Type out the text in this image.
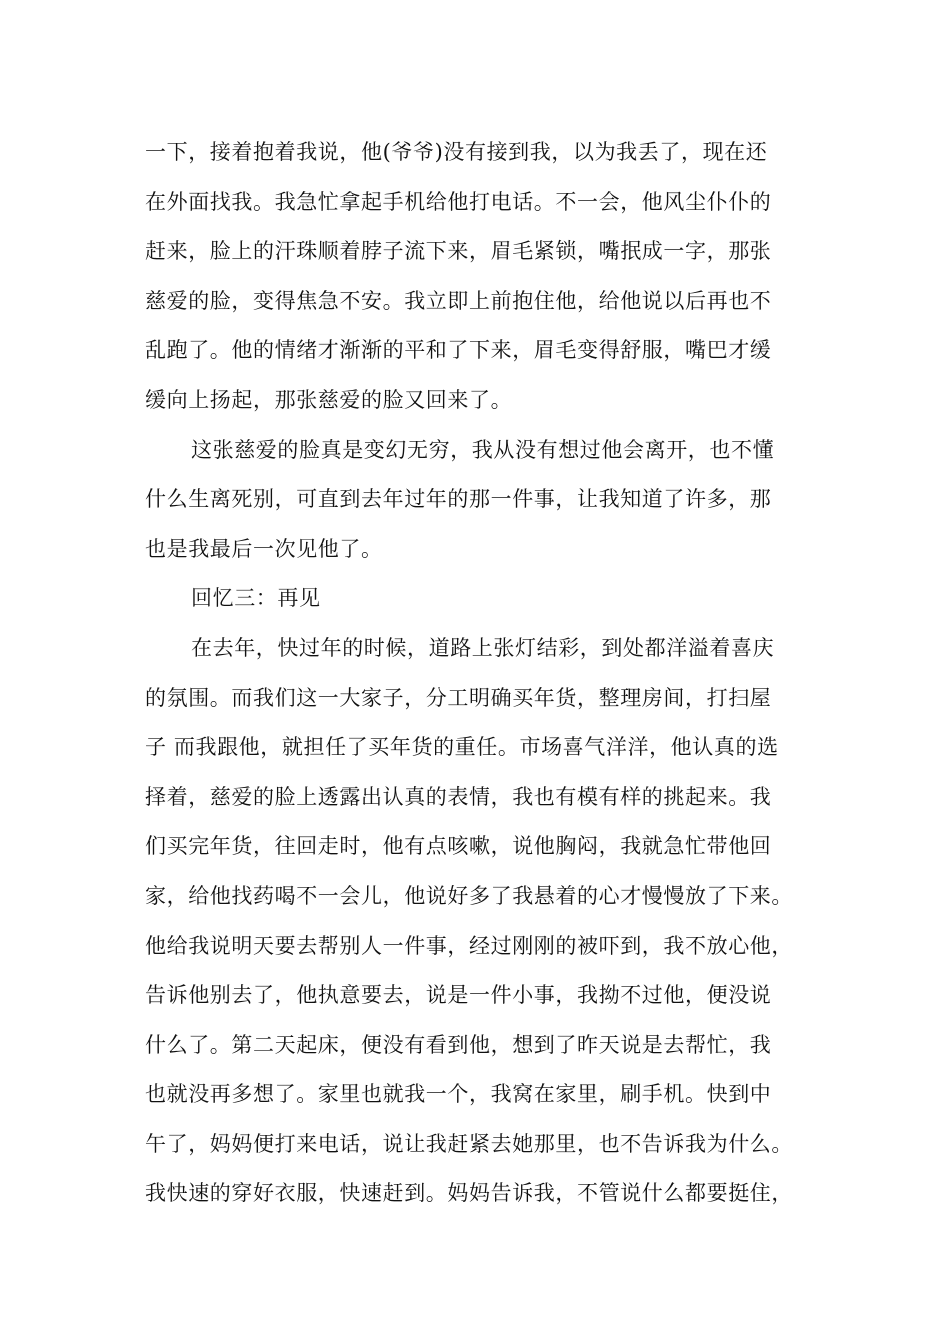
一下，接着抱着我说，他(爷爷)没有接到我，以为我丢了，现在还
在外面找我。我急忙拿起手机给他打电话。不一会，他风尘仆仆的
赶来，脸上的汗珠顺着脖子流下来，眉毛紧锁，嘴抿成一字，那张
慈爱的脸，变得焦急不安。我立即上前抱住他，给他说以后再也不
乱跑了。他的情绪才渐渐的平和了下来，眉毛变得舒服，嘴巴才缓
缓向上扬起，那张慈爱的脸又回来了。
这张慈爱的脸真是变幻无穷，我从没有想过他会离开，也不懂
什么生离死别，可直到去年过年的那一件事，让我知道了许多，那
也是我最后一次见他了。
回忆三：再见
在去年，快过年的时候，道路上张灯结彩，到处都洋溢着喜庆
的氛围。而我们这一大家子，分工明确买年货，整理房间，打扫屋
子 而我跟他，就担任了买年货的重任。市场喜气洋洋，他认真的选
择着，慈爱的脸上透露出认真的表情，我也有模有样的挑起来。我
们买完年货，往回走时，他有点咳嗽，说他胸闷，我就急忙带他回
家，给他找药喝不一会儿，他说好多了我悬着的心才慢慢放了下来。
他给我说明天要去帮别人一件事，经过刚刚的被吓到，我不放心他，
告诉他别去了，他执意要去，说是一件小事，我拗不过他，便没说
什么了。第二天起床，便没有看到他，想到了昨天说是去帮忙，我
也就没再多想了。家里也就我一个，我窝在家里，刷手机。快到中
午了，妈妈便打来电话，说让我赶紧去她那里，也不告诉我为什么。
我快速的穿好衣服，快速赶到。妈妈告诉我，不管说什么都要挺住，
